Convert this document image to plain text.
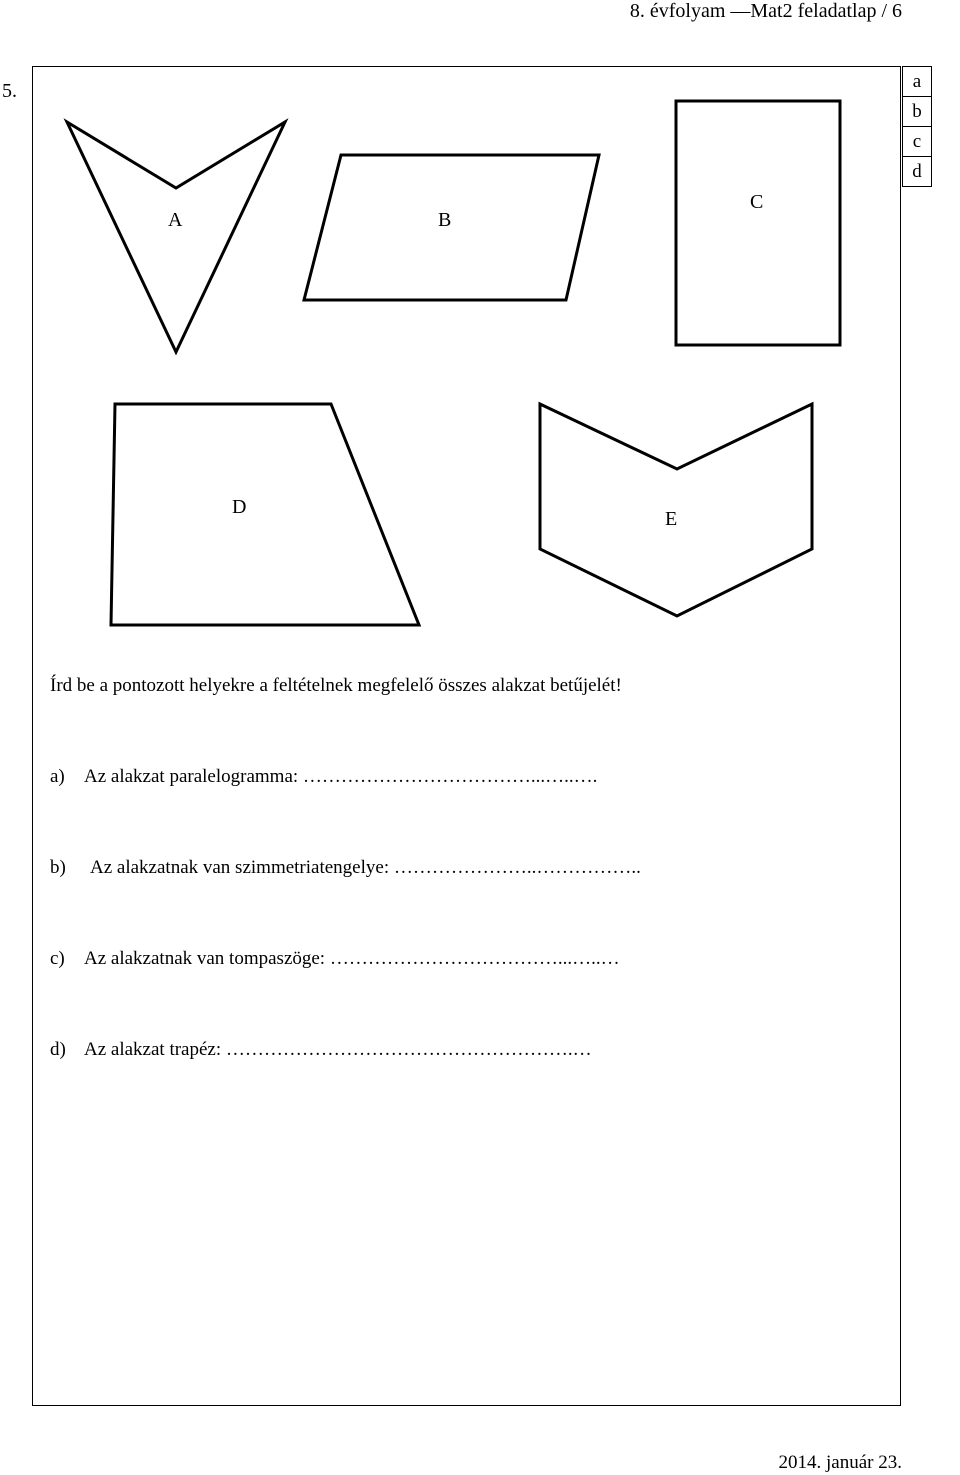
8. évfolyam —Mat2 feladatlap / 6
5.	a
b
c
d
A	B
C
D
E
Írd be a pontozott helyekre a feltételnek megfelelő összes alakzat betűjelét!
a) Az alakzat paralelogramma: ………………………………...…..….
b) Az alakzatnak van szimmetriatengelye: …………………..……………..
c) Az alakzatnak van tompaszöge: ………………………………...…..…
d) Az alakzat trapéz: ……………………………………………….…
2014. január 23.
